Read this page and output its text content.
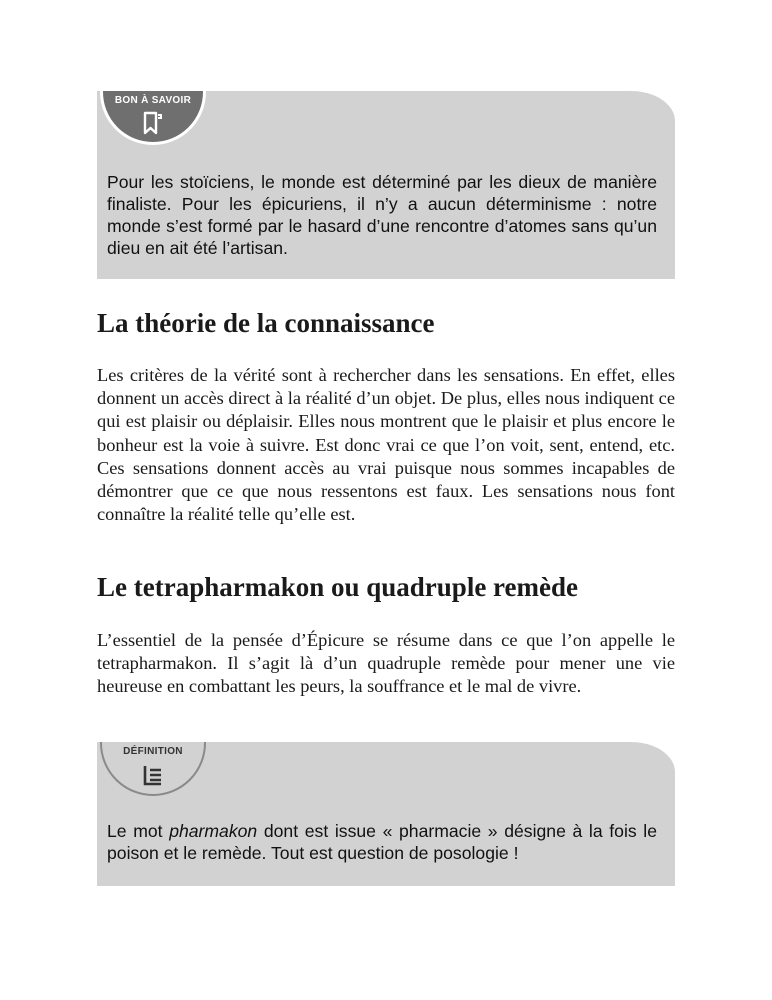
Pour les stoïciens, le monde est déterminé par les dieux de manière finaliste. Pour les épicuriens, il n’y a aucun déterminisme : notre monde s’est formé par le hasard d’une rencontre d’atomes sans qu’un dieu en ait été l’artisan.

BON À SAVOIR
La théorie de la connaissance

Les critères de la vérité sont à rechercher dans les sensations. En effet, elles donnent un accès direct à la réalité d’un objet. De plus, elles nous indiquent ce qui est plaisir ou déplaisir. Elles nous montrent que le plaisir et plus encore le bonheur est la voie à suivre. Est donc vrai ce que l’on voit, sent, entend, etc. Ces sensations donnent accès au vrai puisque nous sommes incapables de démontrer que ce que nous ressentons est faux. Les sensations nous font connaître la réalité telle qu’elle est.

Le tetrapharmakon ou quadruple remède

L’essentiel de la pensée d’Épicure se résume dans ce que l’on appelle le tetrapharmakon. Il s’agit là d’un quadruple remède pour mener une vie heureuse en combattant les peurs, la souffrance et le mal de vivre.

Le mot pharmakon dont est issue « pharmacie » désigne à la fois le poison et le remède. Tout est question de posologie !

DÉFINITION
